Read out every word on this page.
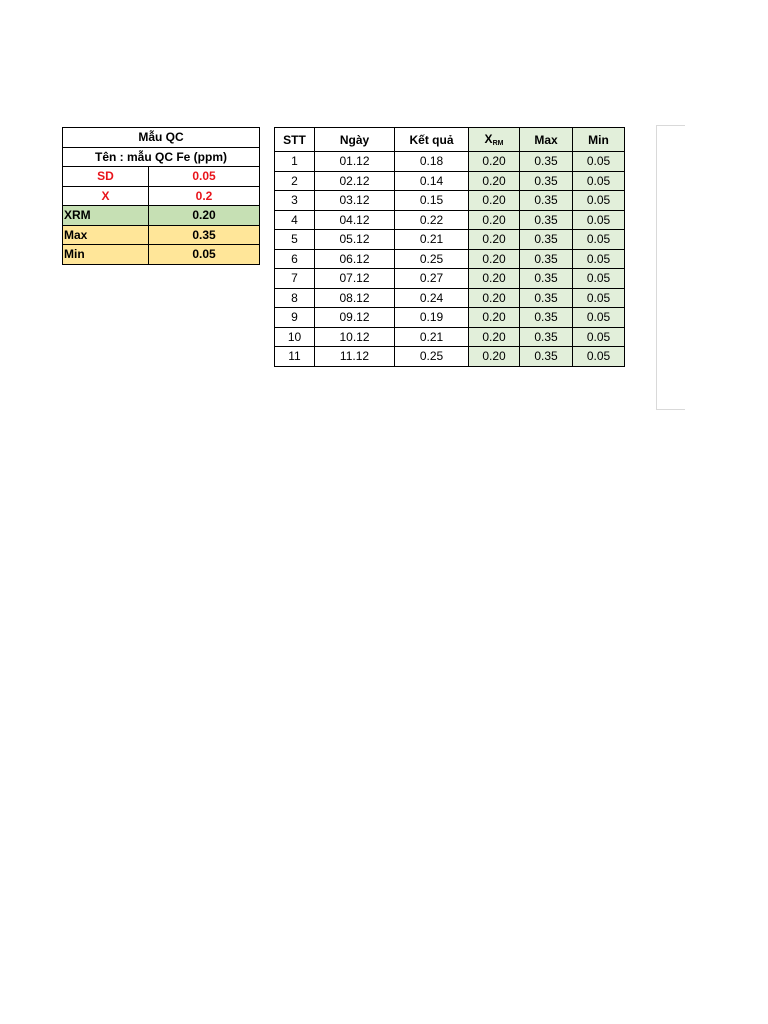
Mẫu QC	
Tên : mẫu QC Fe (ppm)	
SD	0.05
X	0.2
XRM	0.20
Max	0.35
Min	0.05
STT	Ngày	Kết quả	$X_{RM}$	Max	Min
1	01.12	0.18	0.20	0.35	0.05
2	02.12	0.14	0.20	0.35	0.05
3	03.12	0.15	0.20	0.35	0.05
4	04.12	0.22	0.20	0.35	0.05
5	05.12	0.21	0.20	0.35	0.05
6	06.12	0.25	0.20	0.35	0.05
7	07.12	0.27	0.20	0.35	0.05
8	08.12	0.24	0.20	0.35	0.05
9	09.12	0.19	0.20	0.35	0.05
10	10.12	0.21	0.20	0.35	0.05
11	11.12	0.25	0.20	0.35	0.05
